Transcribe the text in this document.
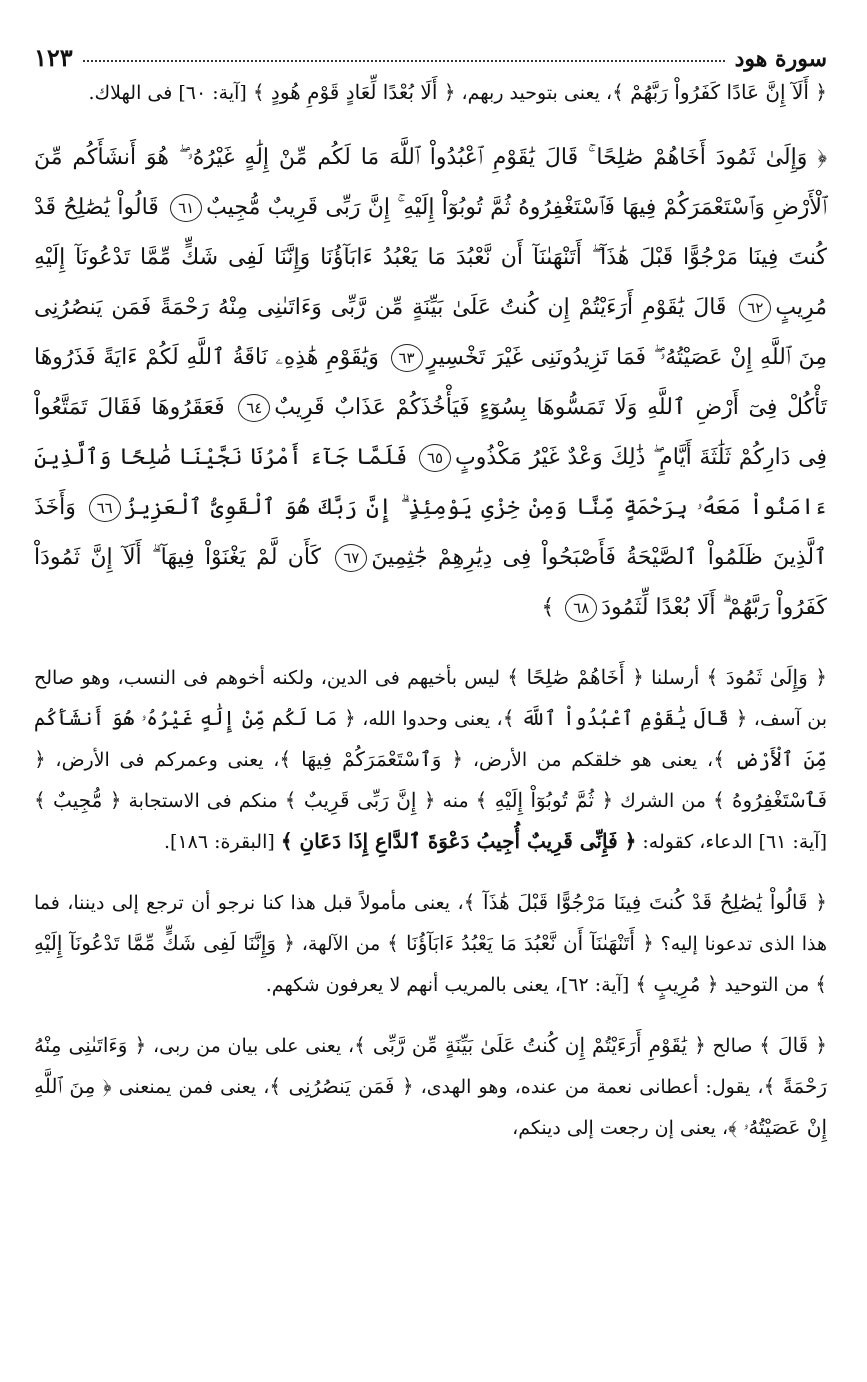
سورة هود
١٢٣

﴿ أَلَآ إِنَّ عَادًا كَفَرُواْ رَبَّهُمْ ﴾، يعنى بتوحيد ربهم، ﴿ أَلَا بُعْدًا لِّعَادٍ قَوْمِ هُودٍ ﴾ [آية: ٦٠] فى الهلاك.

﴿ وَإِلَىٰ ثَمُودَ أَخَاهُمْ صَٰلِحًا ۚ قَالَ يَٰقَوْمِ ٱعْبُدُواْ ٱللَّهَ مَا لَكُم مِّنْ إِلَٰهٍ غَيْرُهُۥ ۖ هُوَ أَنشَأَكُم مِّنَ ٱلْأَرْضِ وَٱسْتَعْمَرَكُمْ فِيهَا فَٱسْتَغْفِرُوهُ ثُمَّ تُوبُوٓاْ إِلَيْهِ ۚ إِنَّ رَبِّى قَرِيبٌ مُّجِيبٌ٦١ قَالُواْ يَٰصَٰلِحُ قَدْ كُنتَ فِينَا مَرْجُوًّا قَبْلَ هَٰذَآ ۖ أَتَنْهَىٰنَآ أَن نَّعْبُدَ مَا يَعْبُدُ ءَابَآؤُنَا وَإِنَّنَا لَفِى شَكٍّ مِّمَّا تَدْعُونَآ إِلَيْهِ مُرِيبٍ٦٢ قَالَ يَٰقَوْمِ أَرَءَيْتُمْ إِن كُنتُ عَلَىٰ بَيِّنَةٍ مِّن رَّبِّى وَءَاتَىٰنِى مِنْهُ رَحْمَةً فَمَن يَنصُرُنِى مِنَ ٱللَّهِ إِنْ عَصَيْتُهُۥ ۖ فَمَا تَزِيدُونَنِى غَيْرَ تَخْسِيرٍ٦٣ وَيَٰقَوْمِ هَٰذِهِۦ نَاقَةُ ٱللَّهِ لَكُمْ ءَايَةً فَذَرُوهَا تَأْكُلْ فِىٓ أَرْضِ ٱللَّهِ وَلَا تَمَسُّوهَا بِسُوٓءٍ فَيَأْخُذَكُمْ عَذَابٌ قَرِيبٌ٦٤ فَعَقَرُوهَا فَقَالَ تَمَتَّعُواْ فِى دَارِكُمْ ثَلَٰثَةَ أَيَّامٍ ۖ ذَٰلِكَ وَعْدٌ غَيْرُ مَكْذُوبٍ٦٥ فَلَمَّا جَآءَ أَمْرُنَا نَجَّيْنَا صَٰلِحًا وَٱلَّذِينَ ءَامَنُواْ مَعَهُۥ بِرَحْمَةٍ مِّنَّا وَمِنْ خِزْىِ يَوْمِئِذٍ ۗ إِنَّ رَبَّكَ هُوَ ٱلْقَوِىُّ ٱلْعَزِيزُ٦٦ وَأَخَذَ ٱلَّذِينَ ظَلَمُواْ ٱلصَّيْحَةُ فَأَصْبَحُواْ فِى دِيَٰرِهِمْ جَٰثِمِينَ٦٧ كَأَن لَّمْ يَغْنَوْاْ فِيهَآ ۗ أَلَآ إِنَّ ثَمُودَاْ كَفَرُواْ رَبَّهُمْ ۗ أَلَا بُعْدًا لِّثَمُودَ٦٨ ﴾

﴿ وَإِلَىٰ ثَمُودَ ﴾ أرسلنا ﴿ أَخَاهُمْ صَٰلِحًا ﴾ ليس بأخيهم فى الدين، ولكنه أخوهم فى النسب، وهو صالح بن آسف، ﴿ قَالَ يَٰقَوْمِ ٱعْبُدُواْ ٱللَّهَ ﴾، يعنى وحدوا الله، ﴿ مَا لَكُم مِّنْ إِلَٰهٍ غَيْرُهُۥ هُوَ أَنشَأَكُم مِّنَ ٱلْأَرْضِ ﴾، يعنى هو خلقكم من الأرض، ﴿ وَٱسْتَعْمَرَكُمْ فِيهَا ﴾، يعنى وعمركم فى الأرض، ﴿ فَٱسْتَغْفِرُوهُ ﴾ من الشرك ﴿ ثُمَّ تُوبُوٓاْ إِلَيْهِ ﴾ منه ﴿ إِنَّ رَبِّى قَرِيبٌ ﴾ منكم فى الاستجابة ﴿ مُّجِيبٌ ﴾ [آية: ٦١] الدعاء، كقوله: ﴿ فَإِنِّى قَرِيبٌ أُجِيبُ دَعْوَةَ ٱلدَّاعِ إِذَا دَعَانِ ﴾ [البقرة: ١٨٦].

﴿ قَالُواْ يَٰصَٰلِحُ قَدْ كُنتَ فِينَا مَرْجُوًّا قَبْلَ هَٰذَآ ﴾، يعنى مأمولاً قبل هذا كنا نرجو أن ترجع إلى ديننا، فما هذا الذى تدعونا إليه؟ ﴿ أَتَنْهَىٰنَآ أَن نَّعْبُدَ مَا يَعْبُدُ ءَابَآؤُنَا ﴾ من الآلهة، ﴿ وَإِنَّنَا لَفِى شَكٍّ مِّمَّا تَدْعُونَآ إِلَيْهِ ﴾ من التوحيد ﴿ مُرِيبٍ ﴾ [آية: ٦٢]، يعنى بالمريب أنهم لا يعرفون شكهم.

﴿ قَالَ ﴾ صالح ﴿ يَٰقَوْمِ أَرَءَيْتُمْ إِن كُنتُ عَلَىٰ بَيِّنَةٍ مِّن رَّبِّى ﴾، يعنى على بيان من ربى، ﴿ وَءَاتَىٰنِى مِنْهُ رَحْمَةً ﴾، يقول: أعطانى نعمة من عنده، وهو الهدى، ﴿ فَمَن يَنصُرُنِى ﴾، يعنى فمن يمنعنى ﴿ مِنَ ٱللَّهِ إِنْ عَصَيْتُهُۥ ﴾، يعنى إن رجعت إلى دينكم،
